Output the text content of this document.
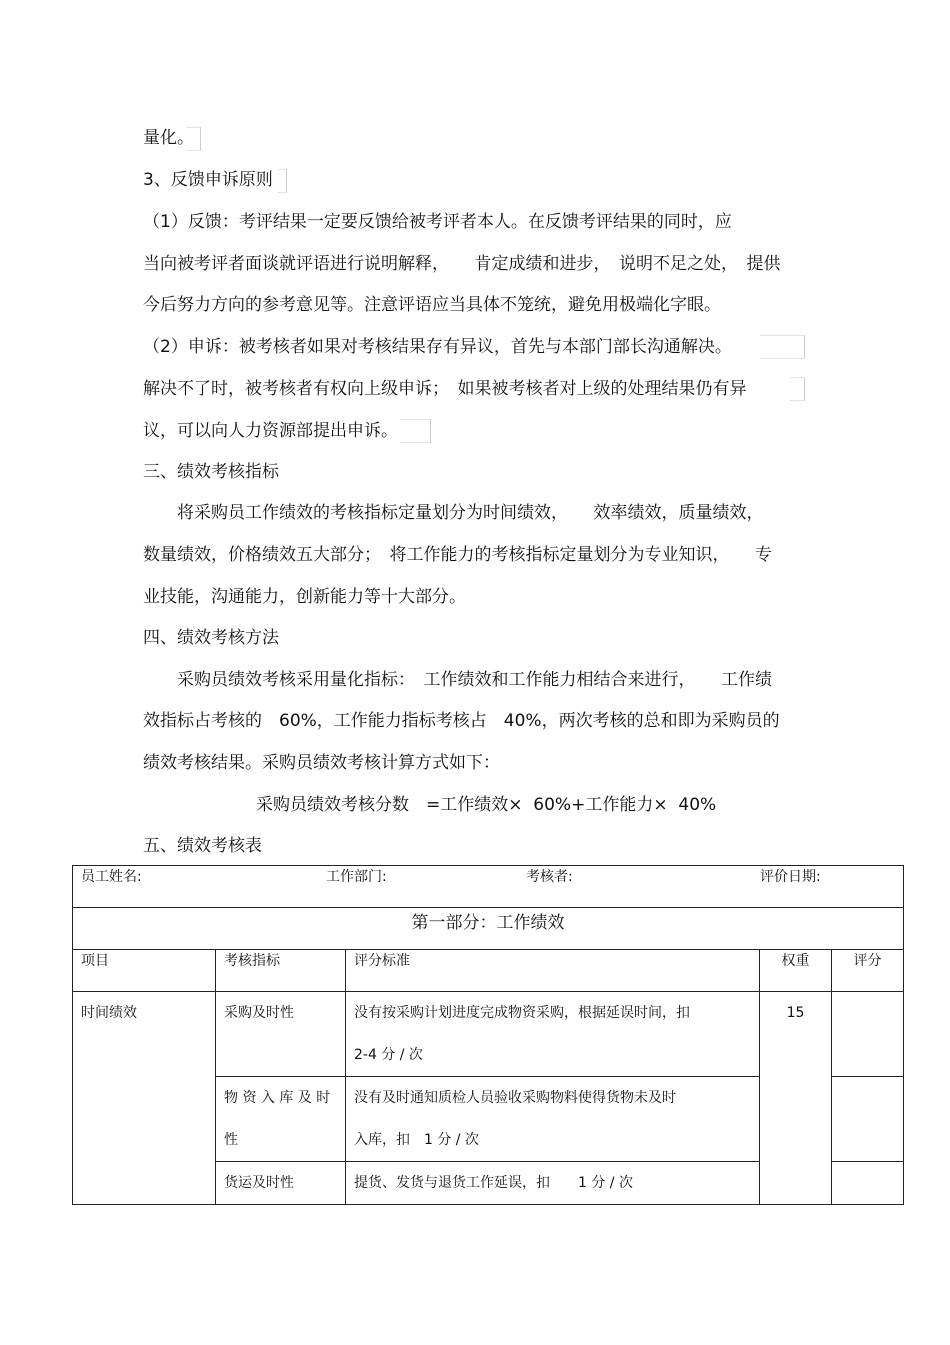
量化。
3、反馈申诉原则
（1）反馈：考评结果一定要反馈给被考评者本人。在反馈考评结果的同时，应
当向被考评者面谈就评语进行说明解释，　　肯定成绩和进步，　说明不足之处，　提供
今后努力方向的参考意见等。注意评语应当具体不笼统，避免用极端化字眼。
（2）申诉：被考核者如果对考核结果存有异议，首先与本部门部长沟通解决。
解决不了时，被考核者有权向上级申诉；　如果被考核者对上级的处理结果仍有异
议，可以向人力资源部提出申诉。
三、绩效考核指标
　　将采购员工作绩效的考核指标定量划分为时间绩效，　　效率绩效，质量绩效，
数量绩效，价格绩效五大部分；　将工作能力的考核指标定量划分为专业知识，　　专
业技能，沟通能力，创新能力等十大部分。
四、绩效考核方法
　　采购员绩效考核采用量化指标：　工作绩效和工作能力相结合来进行，　　工作绩
效指标占考核的　60%，工作能力指标考核占　40%，两次考核的总和即为采购员的
绩效考核结果。采购员绩效考核计算方式如下：
采购员绩效考核分数　=工作绩效×  60%+工作能力×  40%
五、绩效考核表
员工姓名: 工作部门: 考核者: 评价日期:				

第一部分：工作绩效				
项目	考核指标	评分标准	权重	评分

时间绩效	采购及时性	没有按采购计划进度完成物资采购，根据延误时间，扣
2-4 分 / 次	15	

	物 资 入 库 及 时
性	没有及时通知质检人员验收采购物料使得货物未及时
入库，扣　1 分 / 次		

	货运及时性	提货、发货与退货工作延误，扣　　1 分 / 次		
